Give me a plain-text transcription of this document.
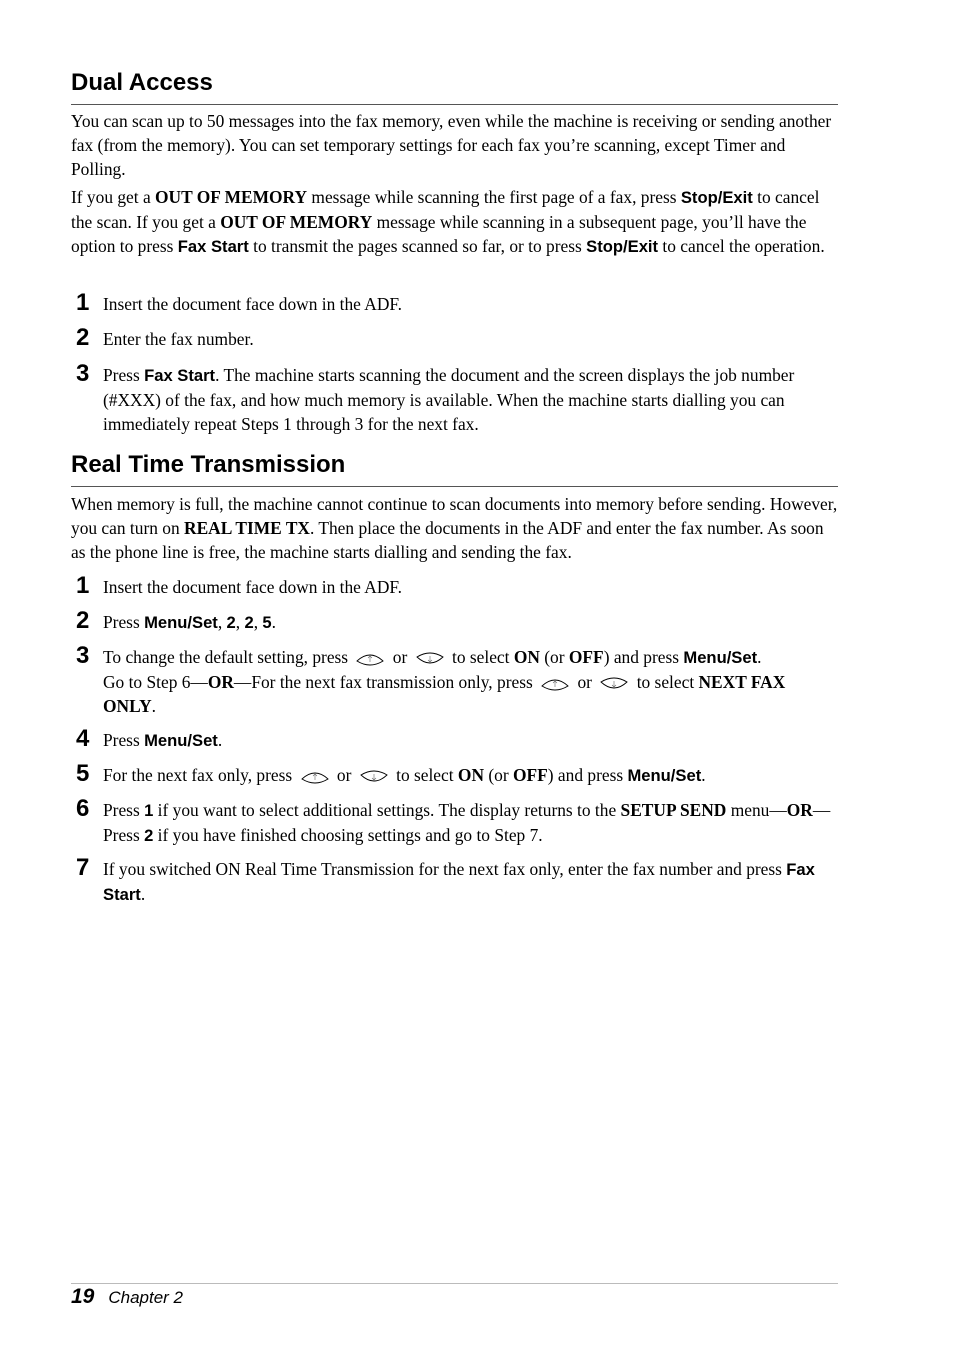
Dual Access

You can scan up to 50 messages into the fax memory, even while the machine is receiving or sending another fax (from the memory). You can set temporary settings for each fax you’re scanning, except Timer and Polling.

If you get a OUT OF MEMORY message while scanning the first page of a fax, press Stop/Exit to cancel the scan. If you get a OUT OF MEMORY message while scanning in a subsequent page, you’ll have the option to press Fax Start to transmit the pages scanned so far, or to press Stop/Exit to cancel the operation.

1 Insert the document face down in the ADF.

2 Enter the fax number.

3 Press Fax Start. The machine starts scanning the document and the screen displays the job number (#XXX) of the fax, and how much memory is available. When the machine starts dialling you can immediately repeat Steps 1 through 3 for the next fax.

Real Time Transmission

When memory is full, the machine cannot continue to scan documents into memory before sending. However, you can turn on REAL TIME TX. Then place the documents in the ADF and enter the fax number. As soon as the phone line is free, the machine starts dialling and sending the fax.

1 Insert the document face down in the ADF.

2 Press Menu/Set, 2, 2, 5.

3 To change the default setting, press	or	to select ON (or OFF) and press Menu/Set.
Go to Step 6—OR—For the next fax transmission only, press	or	to select NEXT FAX ONLY.

4 Press Menu/Set.

5 For the next fax only, press	or	to select ON (or OFF) and press Menu/Set.

6 Press 1 if you want to select additional settings. The display returns to the SETUP SEND menu—OR—Press 2 if you have finished choosing settings and go to Step 7.

7 If you switched ON Real Time Transmission for the next fax only, enter the fax number and press Fax Start.

19 Chapter 2
